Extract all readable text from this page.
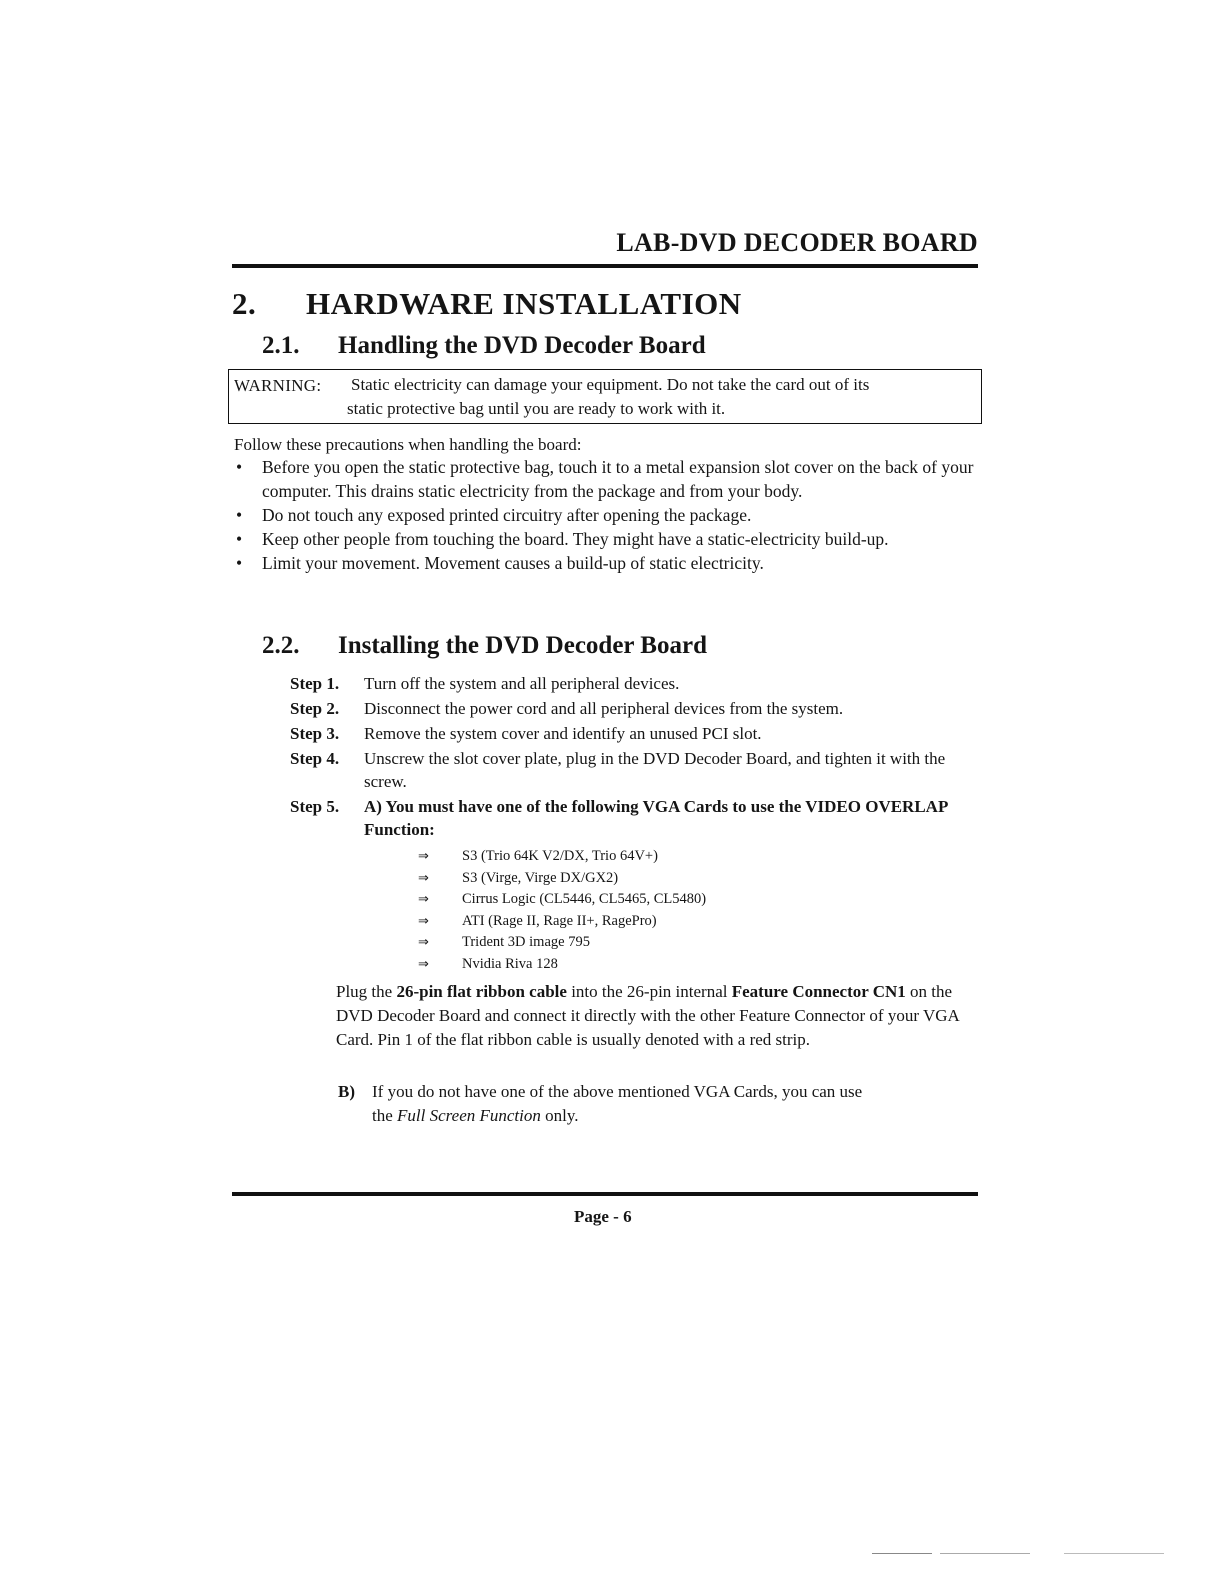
LAB-DVD DECODER BOARD
2. HARDWARE INSTALLATION
2.1. Handling the DVD Decoder Board
WARNING: Static electricity can damage your equipment. Do not take the card out of its
static protective bag until you are ready to work with it.
Follow these precautions when handling the board:
• Before you open the static protective bag, touch it to a metal expansion slot cover on the back of your computer. This drains static electricity from the package and from your body.
• Do not touch any exposed printed circuitry after opening the package.
• Keep other people from touching the board. They might have a static-electricity build-up.
• Limit your movement. Movement causes a build-up of static electricity.
2.2. Installing the DVD Decoder Board
Step 1. Turn off the system and all peripheral devices.
Step 2. Disconnect the power cord and all peripheral devices from the system.
Step 3. Remove the system cover and identify an unused PCI slot.
Step 4. Unscrew the slot cover plate, plug in the DVD Decoder Board, and tighten it with the screw.
Step 5. A) You must have one of the following VGA Cards to use the VIDEO OVERLAP Function:
⇒ S3 (Trio 64K V2/DX, Trio 64V+)
⇒ S3 (Virge, Virge DX/GX2)
⇒ Cirrus Logic (CL5446, CL5465, CL5480)
⇒ ATI (Rage II, Rage II+, RagePro)
⇒ Trident 3D image 795
⇒ Nvidia Riva 128
Plug the 26-pin flat ribbon cable into the 26-pin internal Feature Connector CN1 on the DVD Decoder Board and connect it directly with the other Feature Connector of your VGA Card. Pin 1 of the flat ribbon cable is usually denoted with a red strip.
B) If you do not have one of the above mentioned VGA Cards, you can use
the Full Screen Function only.
Page - 6
